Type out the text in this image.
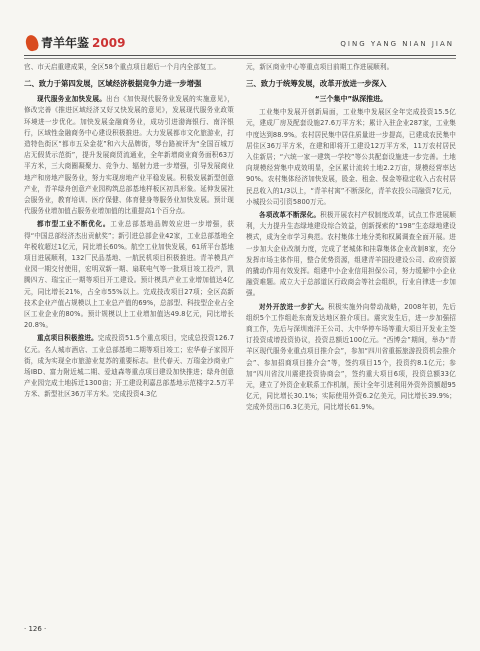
青羊年鉴 2009	QING YANG NIAN JIAN

官、市天启重建成果，全区58个重点项目超后一个月内全部复工。

二、致力于第四发展，区域经济极据竞争力进一步增强

现代服务业加快发展。出台《加快现代服务业发展的实施意见》，修改完善《推进区域经济又好又快发展的意见》，发展现代服务业政策环境进一步优化。加快发展金融商务业，成功引进渤海银行、南洋银行，区域性金融商务中心建设积极推进。大力发展都市文化旅游业，打造特色街区“都市五朵金花”和六大品牌街，琴台路被评为“全国百城万店无假货示范街”，提升发展商贸流通业，全年新增商业商务面积63万平方米，三大商圈凝聚力、竞争力、辐射力进一步增强，引导发展商业地产和房地产服务业，努力实现房地产业平稳发展。积极发展新型创意产业，青羊绿舟创意产业园构筑总部基地样板区初具形象。延伸发展社会服务业，教育培训、医疗保健、体育健身等服务业加快发展。预计现代服务业增加值占服务业增加值的比重提高1个百分点。

都市型工业不断优化。工业总部基地品牌效应进一步增强，获得“中国总部经济杰出贡献奖”；新引进总部企业42家，工业总部基地全年税收超过1亿元，同比增长60%。航空工业加快发展，61所平台基地项目进展顺利，132厂民品基地、一航民机项目积极推进。青羊模具产业园一期交付使用，宏明双新一期、扇联电气等一批项目竣工投产，凯腾四方、瑞宝正一期等项目开工建设。预计模具产业工业增加值达4亿元，同比增长21%，占全市55%以上。完成技改项目27项；全区高新技术企业产值占规模以上工业总产值的69%，总部型、科技型企业占全区工业企业的80%。预计规模以上工业增加值达49.8亿元，同比增长20.8%。

重点项目积极推进。完成投资51.5个重点项目，完成总投资126.7亿元。名人城市酒店、工业总部基地二期等项目竣工；宏华春子家园开街，成为实现全市旅游业复苏的重要标志。世代春天、万瑞金沙商业广场IBD、富力附近城二期、爱迪森等重点项目建设加快推进；绿舟创意产业园完成土地拆迁1300亩；开工建设利嘉总部基地示范楼宇2.5万平方米、新型社区36万平方米。完成投资4.3亿

元，新区商业中心等重点项目前期工作进展顺利。

三、致力于统筹发展，改革开放进一步深入
“三个集中”纵深推进。

工业集中发展开创新局面，工业集中发展区全年完成投资15.5亿元，建成厂房及配套设施27.6万平方米；累计入驻企业287家，工业集中度达到88.9%。农村居民集中居住质量进一步提高，已建成农民集中居住区36万平方米，在建和即将开工建设12万平方米，11万农村居民入住新居；“六统一家一建筑一学校”等公共配套设施进一步完善。土地向规模经营集中成效明显，全区累计流转土地2.2万亩，规模经营率达90%。农村集体经济加快发展，股金、租金、保金等稳定收入占农村居民总收入的1/3以上，“青羊村寓”不断深化，青羊农投公司融资7亿元，小城投公司引资5800万元。

各项改革不断深化。积极开展农村产权制度改革，试点工作进展顺利，大力提升生态绿地建设综合效益，创新探索的“198”生态绿地建设模式，成为全市学习典范。农村集体土地分类和权属调查全面开展。进一步加大企业改制力度，完成了老城体和挂靠集体企业改制8家，充分发挥市场主体作用，整合优势资源，组建青羊国投建设公司、政府资源的撬动作用有效发挥。组建中小企业信用担保公司，努力缓解中小企业融资难题。成立大于总部道区行政商会等社会组织，行业自律进一步加强。

对外开放进一步扩大。积极实施外向带动战略，2008年初，先后组织5个工作组赴东南发达地区推介项目。震灾发生后，进一步加强招商工作，先后与深圳南洋王公司、大中华停车场等重大项目开发业主签订投资成增投资协议，投资总额近100亿元。“西博会”期间，举办“青羊区现代服务业重点项目推介会”，参加“四川省重振旅游投资机会推介会”、参加招商项目推介会”等，签约项目15个，投资约8.1亿元；参加“四川省汶川震建投资协商会”，签约重大项目6项，投资总额33亿元，建立了外资企业联系工作机制，预计全年引进利用外资外资额超95亿元，同比增长30.1%；实际使用外资6.2亿美元，同比增长39.9%；完成外贸出口6.3亿美元，同比增长61.9%。

· 126 ·
